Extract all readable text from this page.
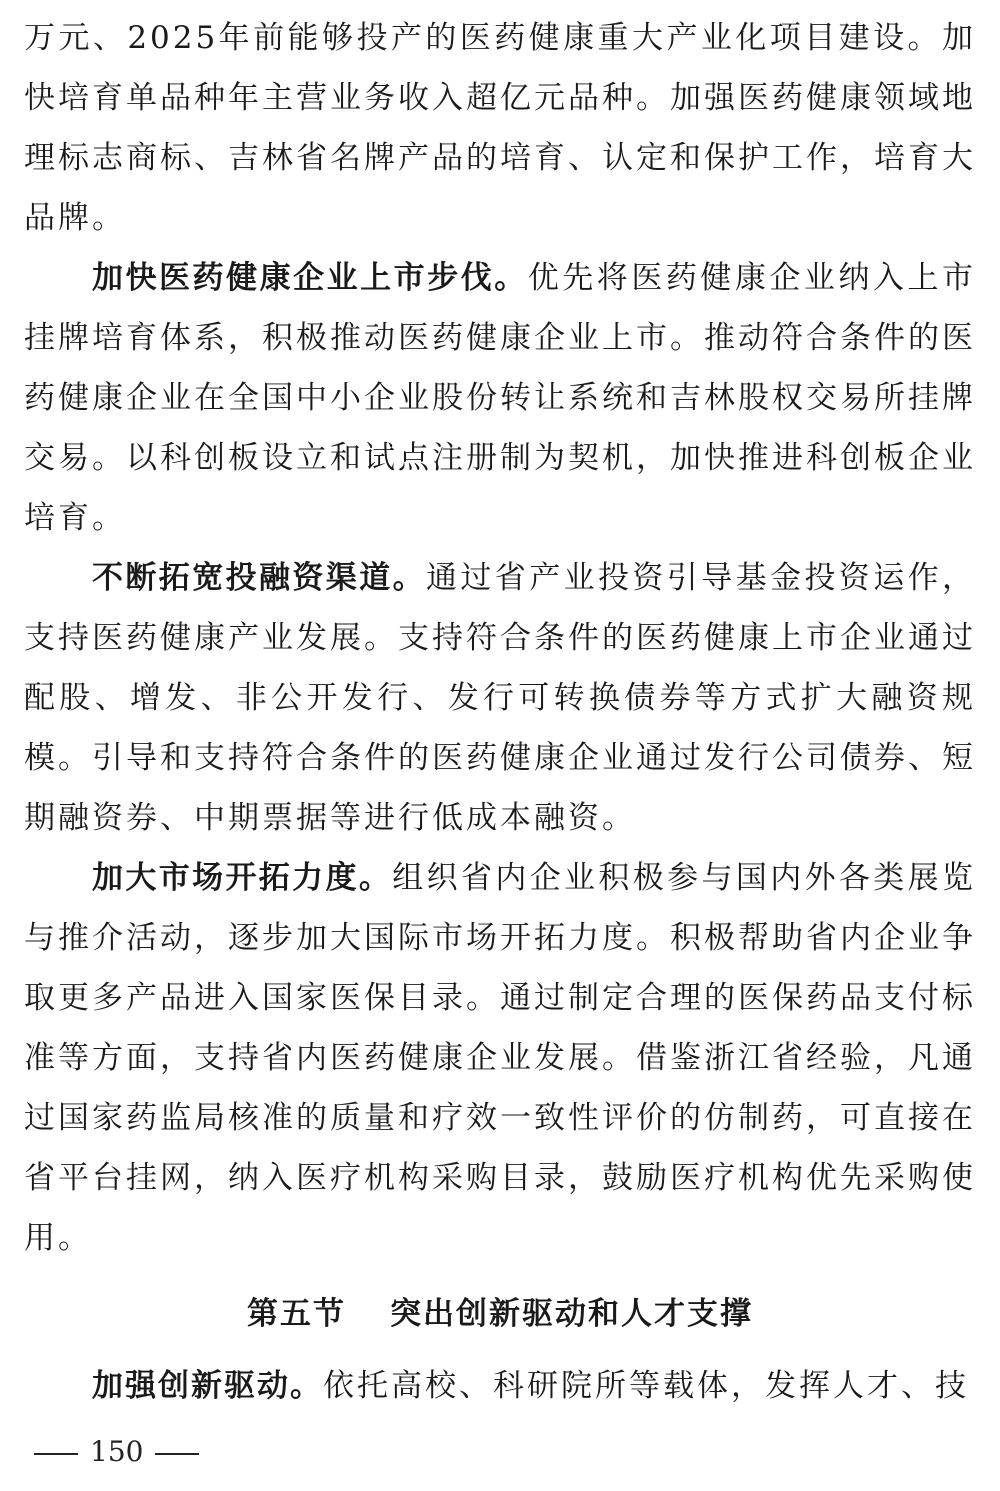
万元、2025年前能够投产的医药健康重大产业化项目建设。加快培育单品种年主营业务收入超亿元品种。加强医药健康领域地理标志商标、吉林省名牌产品的培育、认定和保护工作，培育大品牌。

加快医药健康企业上市步伐。优先将医药健康企业纳入上市挂牌培育体系，积极推动医药健康企业上市。推动符合条件的医药健康企业在全国中小企业股份转让系统和吉林股权交易所挂牌交易。以科创板设立和试点注册制为契机，加快推进科创板企业培育。

不断拓宽投融资渠道。通过省产业投资引导基金投资运作，支持医药健康产业发展。支持符合条件的医药健康上市企业通过配股、增发、非公开发行、发行可转换债券等方式扩大融资规模。引导和支持符合条件的医药健康企业通过发行公司债券、短期融资券、中期票据等进行低成本融资。

加大市场开拓力度。组织省内企业积极参与国内外各类展览与推介活动，逐步加大国际市场开拓力度。积极帮助省内企业争取更多产品进入国家医保目录。通过制定合理的医保药品支付标准等方面，支持省内医药健康企业发展。借鉴浙江省经验，凡通过国家药监局核准的质量和疗效一致性评价的仿制药，可直接在省平台挂网，纳入医疗机构采购目录，鼓励医疗机构优先采购使用。

第五节 突出创新驱动和人才支撑

加强创新驱动。依托高校、科研院所等载体，发挥人才、技

150
